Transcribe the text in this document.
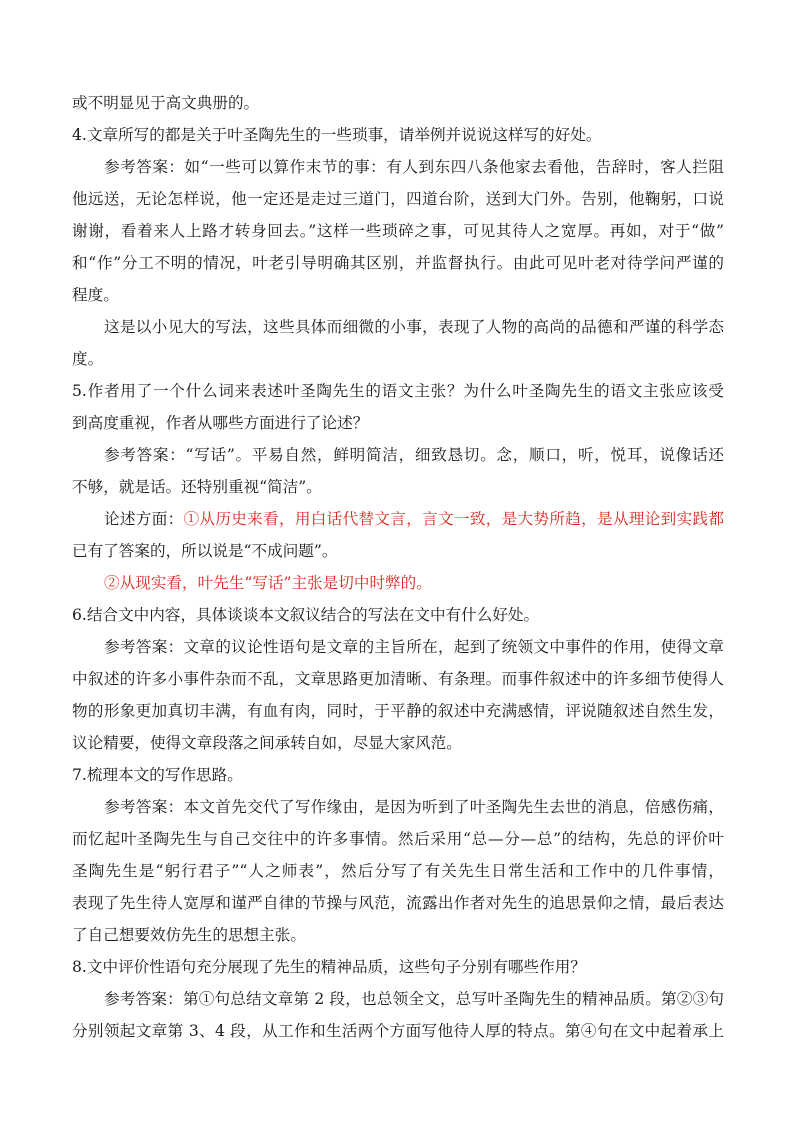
或不明显见于高文典册的。
4.文章所写的都是关于叶圣陶先生的一些琐事，请举例并说说这样写的好处。
参考答案：如“一些可以算作末节的事：有人到东四八条他家去看他，告辞时，客人拦阻
他远送，无论怎样说，他一定还是走过三道门，四道台阶，送到大门外。告别，他鞠躬，口说
谢谢，看着来人上路才转身回去。”这样一些琐碎之事，可见其待人之宽厚。再如，对于“做”
和“作”分工不明的情况，叶老引导明确其区别，并监督执行。由此可见叶老对待学问严谨的
程度。
这是以小见大的写法，这些具体而细微的小事，表现了人物的高尚的品德和严谨的科学态
度。
5.作者用了一个什么词来表述叶圣陶先生的语文主张？为什么叶圣陶先生的语文主张应该受
到高度重视，作者从哪些方面进行了论述？
参考答案：“写话”。平易自然，鲜明简洁，细致恳切。念，顺口，听，悦耳，说像话还
不够，就是话。还特别重视“简洁”。
论述方面：①从历史来看，用白话代替文言，言文一致，是大势所趋，是从理论到实践都
已有了答案的，所以说是“不成问题”。
②从现实看，叶先生“写话”主张是切中时弊的。
6.结合文中内容，具体谈谈本文叙议结合的写法在文中有什么好处。
参考答案：文章的议论性语句是文章的主旨所在，起到了统领文中事件的作用，使得文章
中叙述的许多小事件杂而不乱，文章思路更加清晰、有条理。而事件叙述中的许多细节使得人
物的形象更加真切丰满，有血有肉，同时，于平静的叙述中充满感情，评说随叙述自然生发，
议论精要，使得文章段落之间承转自如，尽显大家风范。
7.梳理本文的写作思路。
参考答案：本文首先交代了写作缘由，是因为听到了叶圣陶先生去世的消息，倍感伤痛，
而忆起叶圣陶先生与自己交往中的许多事情。然后采用“总—分—总”的结构，先总的评价叶
圣陶先生是“躬行君子”“人之师表”，然后分写了有关先生日常生活和工作中的几件事情，
表现了先生待人宽厚和谨严自律的节操与风范，流露出作者对先生的追思景仰之情，最后表达
了自己想要效仿先生的思想主张。
8.文中评价性语句充分展现了先生的精神品质，这些句子分别有哪些作用？
参考答案：第①句总结文章第 2 段，也总领全文，总写叶圣陶先生的精神品质。第②③句
分别领起文章第 3、4 段，从工作和生活两个方面写他待人厚的特点。第④句在文中起着承上
